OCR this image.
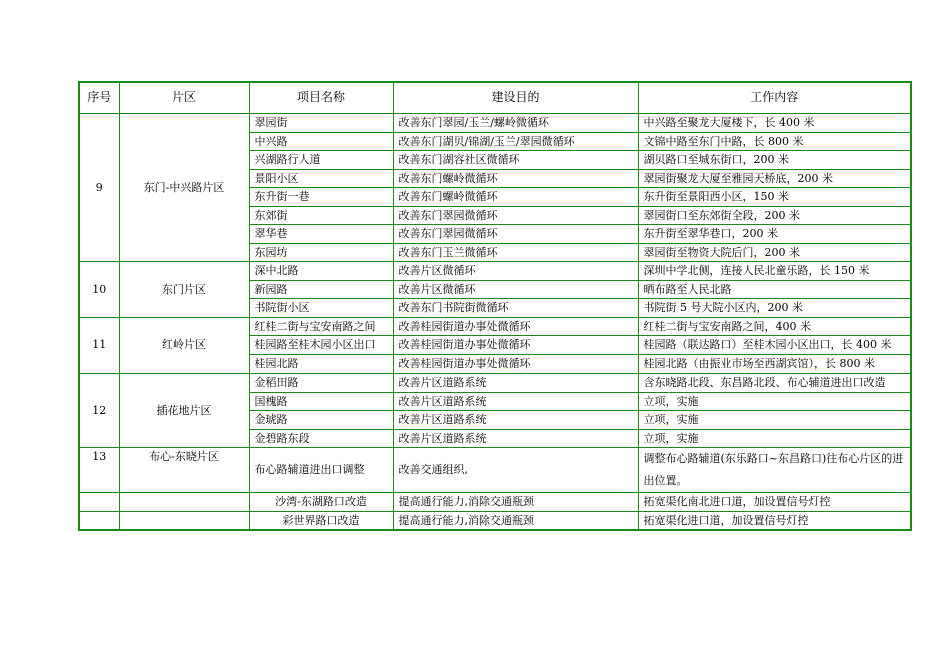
序号	片区	项目名称	建设目的	工作内容
9	东门-中兴路片区	翠园街	改善东门翠园/玉兰/螺岭微循环	中兴路至聚龙大厦楼下，长 400 米
		中兴路	改善东门湖贝/锦湖/玉兰/翠园微循环	文锦中路至东门中路，长 800 米
		兴湖路行人道	改善东门湖容社区微循环	湖贝路口至城东街口，200 米
		景阳小区	改善东门螺岭微循环	翠园街聚龙大厦至雅园天桥底，200 米
		东升街一巷	改善东门螺岭微循环	东升街至景阳西小区，150 米
		东郊街	改善东门翠园微循环	翠园街口至东郊街全段，200 米
		翠华巷	改善东门翠园微循环	东升街至翠华巷口，200 米
		东园坊	改善东门玉兰微循环	翠园街至物资大院后门，200 米
10	东门片区	深中北路	改善片区微循环	深圳中学北侧，连接人民北童乐路，长 150 米
		新园路	改善片区微循环	晒布路至人民北路
		书院街小区	改善东门书院街微循环	书院街 5 号大院小区内，200 米
11	红岭片区	红桂二街与宝安南路之间	改善桂园街道办事处微循环	红桂二街与宝安南路之间，400 米
		桂园路至桂木园小区出口	改善桂园街道办事处微循环	桂园路（联达路口）至桂木园小区出口，长 400 米
		桂园北路	改善桂园街道办事处微循环	桂园北路（由振业市场至西湖宾馆），长 800 米
12	插花地片区	金稻田路	改善片区道路系统	含东晓路北段、东昌路北段、布心辅道进出口改造
		国槐路	改善片区道路系统	立项，实施
		金琥路	改善片区道路系统	立项，实施
		金碧路东段	改善片区道路系统	立项，实施
13	布心-东晓片区	布心路辅道进出口调整	改善交通组织,	调整布心路辅道(东乐路口~东昌路口)往布心片区的进出位置。
		沙湾-东湖路口改造	提高通行能力,消除交通瓶颈	拓宽渠化南北进口道，加设置信号灯控
		彩世界路口改造	提高通行能力,消除交通瓶颈	拓宽渠化进口道，加设置信号灯控
